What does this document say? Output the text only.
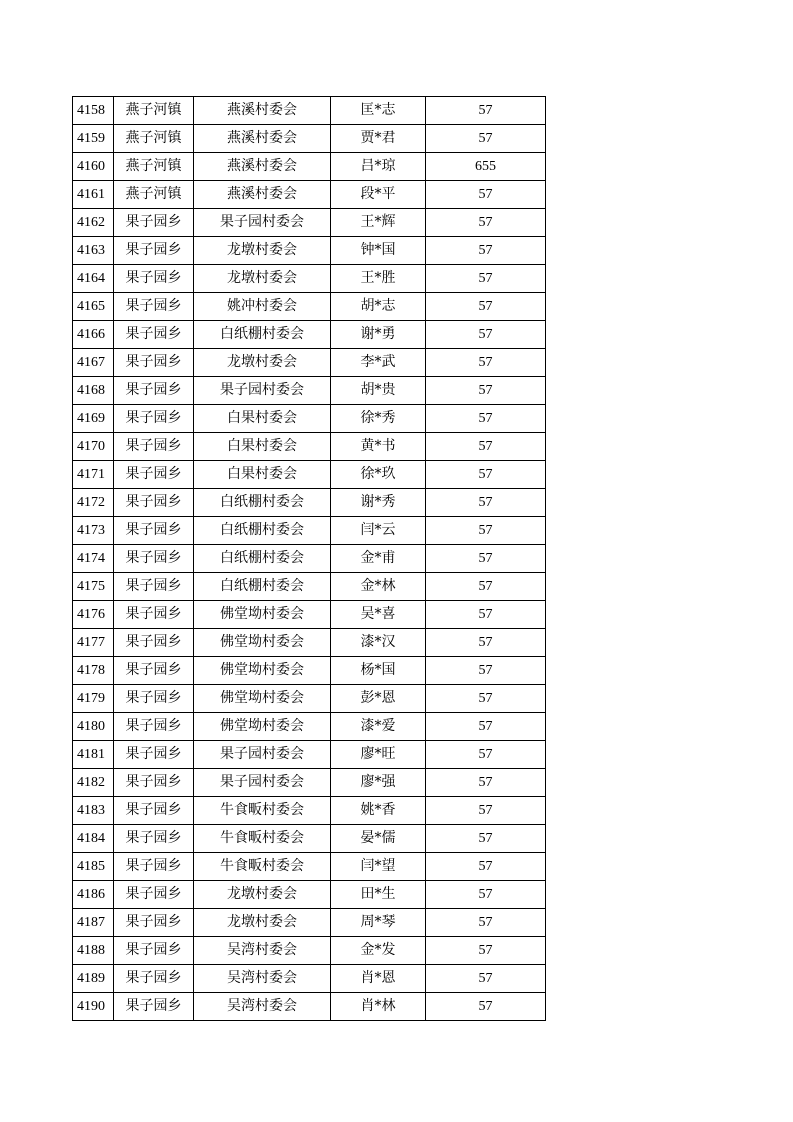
4158	燕子河镇	燕溪村委会	匡*志	57
4159	燕子河镇	燕溪村委会	贾*君	57
4160	燕子河镇	燕溪村委会	吕*琼	655
4161	燕子河镇	燕溪村委会	段*平	57
4162	果子园乡	果子园村委会	王*辉	57
4163	果子园乡	龙墩村委会	钟*国	57
4164	果子园乡	龙墩村委会	王*胜	57
4165	果子园乡	姚冲村委会	胡*志	57
4166	果子园乡	白纸棚村委会	谢*勇	57
4167	果子园乡	龙墩村委会	李*武	57
4168	果子园乡	果子园村委会	胡*贵	57
4169	果子园乡	白果村委会	徐*秀	57
4170	果子园乡	白果村委会	黄*书	57
4171	果子园乡	白果村委会	徐*玖	57
4172	果子园乡	白纸棚村委会	谢*秀	57
4173	果子园乡	白纸棚村委会	闫*云	57
4174	果子园乡	白纸棚村委会	金*甫	57
4175	果子园乡	白纸棚村委会	金*林	57
4176	果子园乡	佛堂坳村委会	吴*喜	57
4177	果子园乡	佛堂坳村委会	漆*汉	57
4178	果子园乡	佛堂坳村委会	杨*国	57
4179	果子园乡	佛堂坳村委会	彭*恩	57
4180	果子园乡	佛堂坳村委会	漆*爱	57
4181	果子园乡	果子园村委会	廖*旺	57
4182	果子园乡	果子园村委会	廖*强	57
4183	果子园乡	牛食畈村委会	姚*香	57
4184	果子园乡	牛食畈村委会	晏*儒	57
4185	果子园乡	牛食畈村委会	闫*望	57
4186	果子园乡	龙墩村委会	田*生	57
4187	果子园乡	龙墩村委会	周*琴	57
4188	果子园乡	吴湾村委会	金*发	57
4189	果子园乡	吴湾村委会	肖*恩	57
4190	果子园乡	吴湾村委会	肖*林	57
